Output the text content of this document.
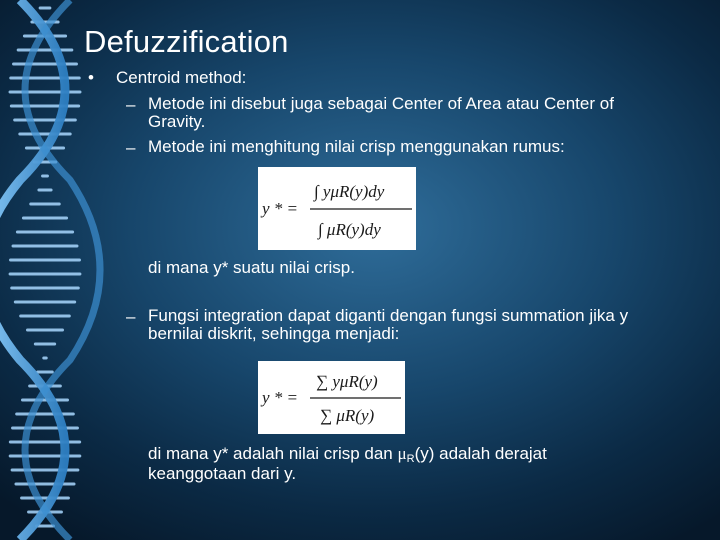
Defuzzification
• Centroid method:

– Metode ini disebut juga sebagai Center of Area atau Center of

Gravity.

– Metode ini menghitung nilai crisp menggunakan rumus:

y * =
∫ yμR(y)dy
∫ μR(y)dy

di mana y* suatu nilai crisp.

– Fungsi integration dapat diganti dengan fungsi summation jika y

bernilai diskrit, sehingga menjadi:

y * =
∑ yμR(y)
∑ μR(y)

di mana y* adalah nilai crisp dan $\mu_R(y)$ adalah derajat

keanggotaan dari y.
